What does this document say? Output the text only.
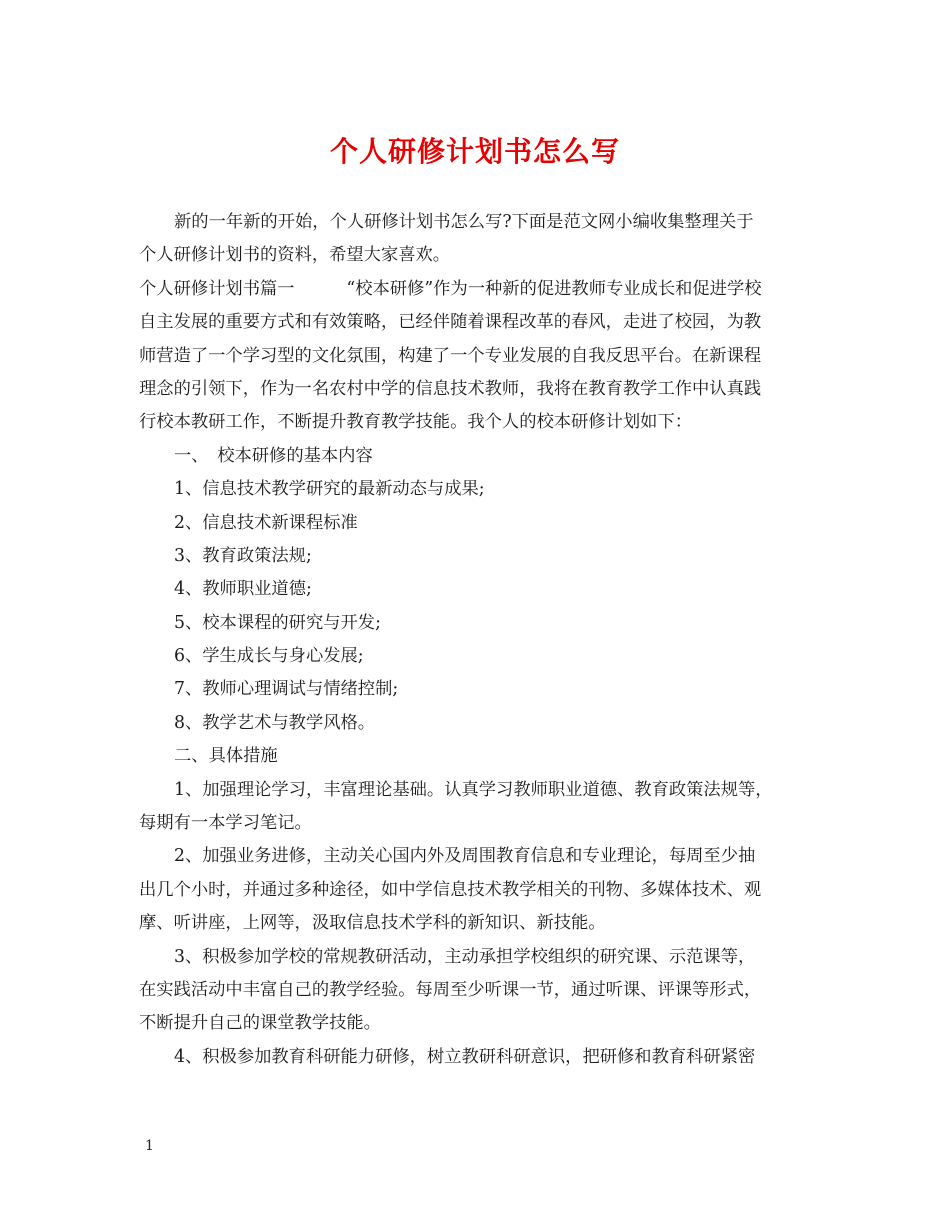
个人研修计划书怎么写

新的一年新的开始，个人研修计划书怎么写?下面是范文网小编收集整理关于

个人研修计划书的资料，希望大家喜欢。

个人研修计划书篇一　　　“校本研修”作为一种新的促进教师专业成长和促进学校

自主发展的重要方式和有效策略，已经伴随着课程改革的春风，走进了校园，为教

师营造了一个学习型的文化氛围，构建了一个专业发展的自我反思平台。在新课程

理念的引领下，作为一名农村中学的信息技术教师，我将在教育教学工作中认真践

行校本教研工作，不断提升教育教学技能。我个人的校本研修计划如下：

一、　校本研修的基本内容

1、信息技术教学研究的最新动态与成果;

2、信息技术新课程标准

3、教育政策法规;

4、教师职业道德;

5、校本课程的研究与开发;

6、学生成长与身心发展;

7、教师心理调试与情绪控制;

8、教学艺术与教学风格。

二、具体措施

1、加强理论学习，丰富理论基础。认真学习教师职业道德、教育政策法规等，

每期有一本学习笔记。

2、加强业务进修，主动关心国内外及周围教育信息和专业理论，每周至少抽

出几个小时，并通过多种途径，如中学信息技术教学相关的刊物、多媒体技术、观

摩、听讲座，上网等，汲取信息技术学科的新知识、新技能。

3、积极参加学校的常规教研活动，主动承担学校组织的研究课、示范课等，

在实践活动中丰富自己的教学经验。每周至少听课一节，通过听课、评课等形式，

不断提升自己的课堂教学技能。

4、积极参加教育科研能力研修，树立教研科研意识，把研修和教育科研紧密

1
